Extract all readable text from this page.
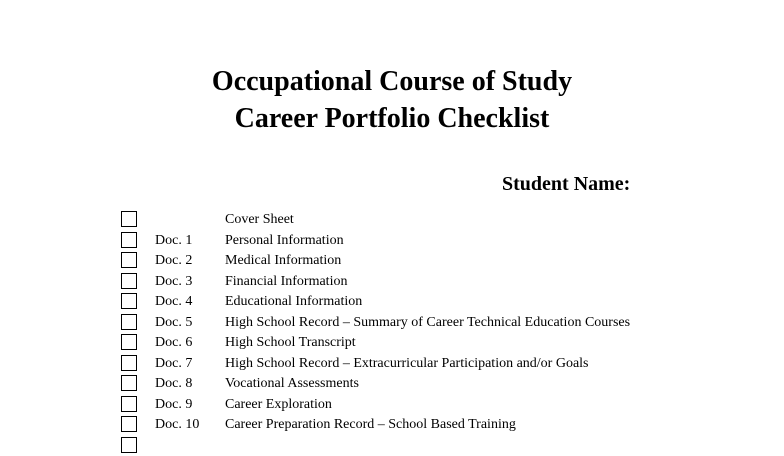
Occupational Course of Study
Career Portfolio Checklist
Student Name:
Cover Sheet
Doc. 1 Personal Information
Doc. 2 Medical Information
Doc. 3 Financial Information
Doc. 4 Educational Information
Doc. 5 High School Record – Summary of Career Technical Education Courses
Doc. 6 High School Transcript
Doc. 7 High School Record – Extracurricular Participation and/or Goals
Doc. 8 Vocational Assessments
Doc. 9 Career Exploration
Doc. 10 Career Preparation Record – School Based Training
